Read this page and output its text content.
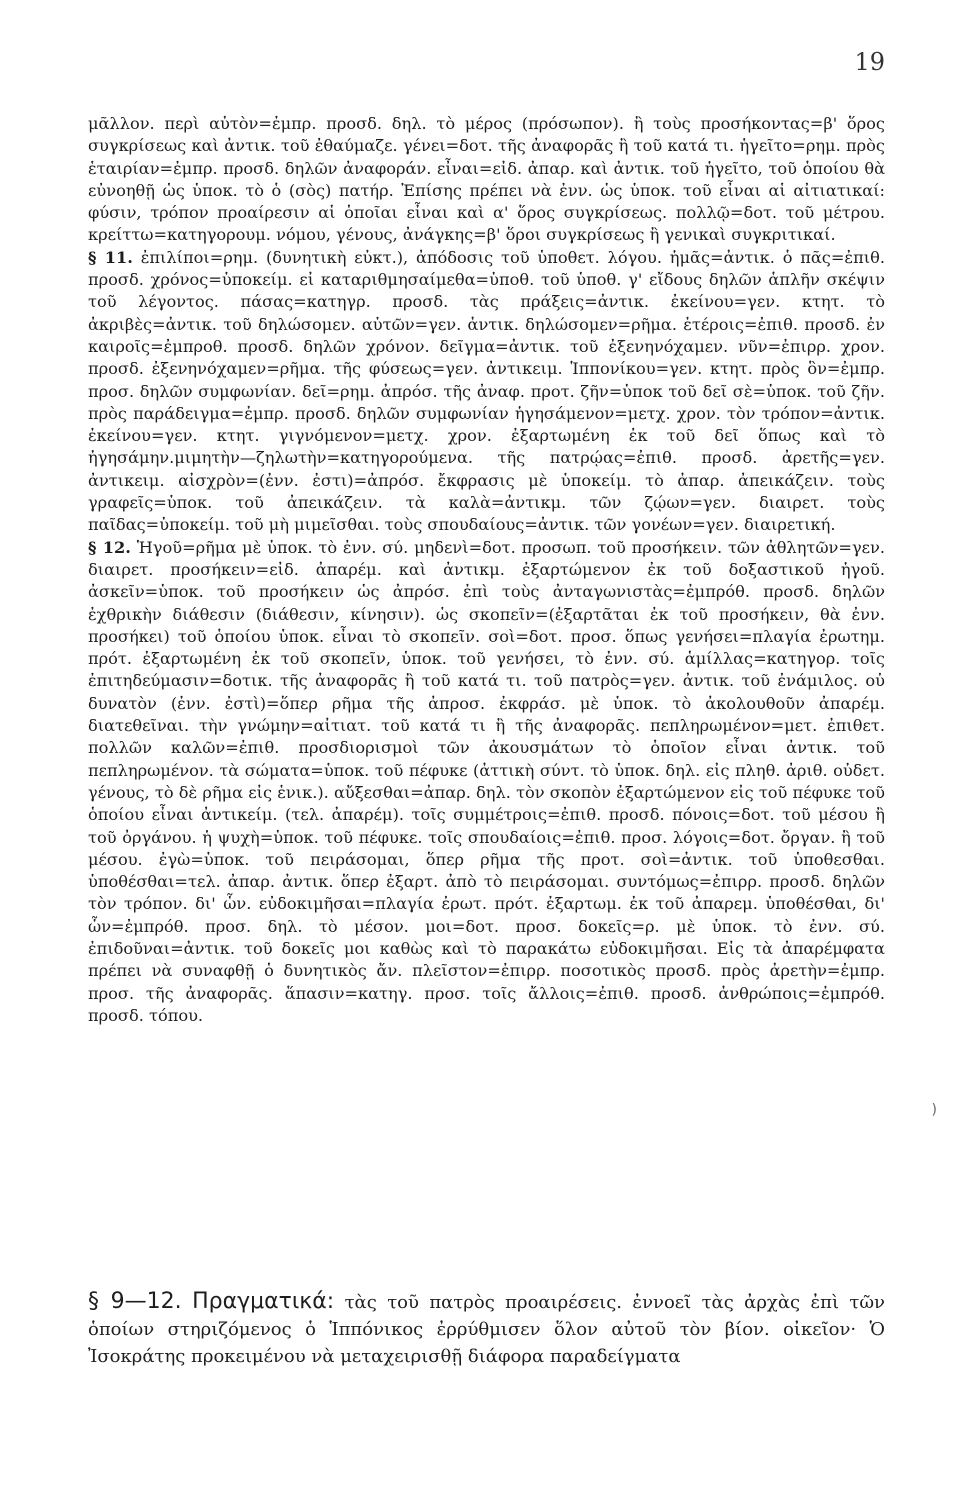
19

μᾶλλον. περὶ αὐτὸν=ἐμπρ. προσδ. δηλ. τὸ μέρος (πρόσωπον). ἢ τοὺς προσήκοντας=β' ὅρος συγκρίσεως καὶ ἀντικ. τοῦ ἐθαύμαζε. γένει=δοτ. τῆς ἀναφορᾶς ἢ τοῦ κατά τι. ἡγεῖτο=ρημ. πρὸς ἑταιρίαν=ἐμπρ. προσδ. δηλῶν ἀναφοράν. εἶναι=εἰδ. ἀπαρ. καὶ ἀντικ. τοῦ ἡγεῖτο, τοῦ ὁποίου θὰ εὐνοηθῇ ὡς ὑποκ. τὸ ὁ (σὸς) πατήρ. Ἐπίσης πρέπει νὰ ἐνν. ὡς ὑποκ. τοῦ εἶναι αἱ αἰτιατικαί: φύσιν, τρόπον προαίρεσιν αἱ ὁποῖαι εἶναι καὶ α' ὅρος συγκρίσεως. πολλῷ=δοτ. τοῦ μέτρου. κρείττω=κατηγορουμ. νόμου, γένους, ἀνάγκης=β' ὅροι συγκρίσεως ἢ γενικαὶ συγκριτικαί.

§ 11. ἐπιλίποι=ρημ. (δυνητικὴ εὐκτ.), ἀπόδοσις τοῦ ὑποθετ. λόγου. ἡμᾶς=ἀντικ. ὁ πᾶς=ἐπιθ. προσδ. χρόνος=ὑποκείμ. εἰ καταριθμησαίμεθα=ὑποθ. τοῦ ὑποθ. γ' εἴδους δηλῶν ἁπλῆν σκέψιν τοῦ λέγοντος. πάσας=κατηγρ. προσδ. τὰς πράξεις=ἀντικ. ἐκείνου=γεν. κτητ. τὸ ἀκριβὲς=ἀντικ. τοῦ δηλώσομεν. αὐτῶν=γεν. ἀντικ. δηλώσομεν=ρῆμα. ἑτέροις=ἐπιθ. προσδ. ἐν καιροῖς=ἐμπροθ. προσδ. δηλῶν χρόνον. δεῖγμα=ἀντικ. τοῦ ἐξενηνόχαμεν. νῦν=ἐπιρρ. χρον. προσδ. ἐξενηνόχαμεν=ρῆμα. τῆς φύσεως=γεν. ἀντικειμ. Ἱππονίκου=γεν. κτητ. πρὸς ὃν=ἐμπρ. προσ. δηλῶν συμφωνίαν. δεῖ=ρημ. ἀπρόσ. τῆς ἀναφ. προτ. ζῆν=ὑποκ τοῦ δεῖ σὲ=ὑποκ. τοῦ ζῆν. πρὸς παράδειγμα=ἐμπρ. προσδ. δηλῶν συμφωνίαν ἡγησάμενον=μετχ. χρον. τὸν τρόπον=ἀντικ. ἐκείνου=γεν. κτητ. γιγνόμενον=μετχ. χρον. ἐξαρτωμένη ἐκ τοῦ δεῖ ὅπως καὶ τὸ ἡγησάμην.μιμητὴν—ζηλωτὴν=κατηγορούμενα. τῆς πατρῴας=ἐπιθ. προσδ. ἀρετῆς=γεν. ἀντικειμ. αἰσχρὸν=(ἐνν. ἐστι)=ἀπρόσ. ἔκφρασις μὲ ὑποκείμ. τὸ ἀπαρ. ἀπεικάζειν. τοὺς γραφεῖς=ὑποκ. τοῦ ἀπεικάζειν. τὰ καλὰ=ἀντικμ. τῶν ζῴων=γεν. διαιρετ. τοὺς παῖδας=ὑποκείμ. τοῦ μὴ μιμεῖσθαι. τοὺς σπουδαίους=ἀντικ. τῶν γονέων=γεν. διαιρετική.

§ 12. Ἡγοῦ=ρῆμα μὲ ὑποκ. τὸ ἐνν. σύ. μηδενὶ=δοτ. προσωπ. τοῦ προσήκειν. τῶν ἀθλητῶν=γεν. διαιρετ. προσήκειν=εἰδ. ἀπαρέμ. καὶ ἀντικμ. ἐξαρτώμενον ἐκ τοῦ δοξαστικοῦ ἡγοῦ. ἀσκεῖν=ὑποκ. τοῦ προσήκειν ὡς ἀπρόσ. ἐπὶ τοὺς ἀνταγωνιστὰς=ἐμπρόθ. προσδ. δηλῶν ἐχθρικὴν διάθεσιν (διάθεσιν, κίνησιν). ὡς σκοπεῖν=(ἐξαρτᾶται ἐκ τοῦ προσήκειν, θὰ ἐνν. προσήκει) τοῦ ὁποίου ὑποκ. εἶναι τὸ σκοπεῖν. σοὶ=δοτ. προσ. ὅπως γενήσει=πλαγία ἐρωτημ. πρότ. ἐξαρτωμένη ἐκ τοῦ σκοπεῖν, ὑποκ. τοῦ γενήσει, τὸ ἐνν. σύ. ἁμίλλας=κατηγορ. τοῖς ἐπιτηδεύμασιν=δοτικ. τῆς ἀναφορᾶς ἢ τοῦ κατά τι. τοῦ πατρὸς=γεν. ἀντικ. τοῦ ἐνάμιλος. οὐ δυνατὸν (ἐνν. ἐστὶ)=ὅπερ ρῆμα τῆς ἀπροσ. ἐκφράσ. μὲ ὑποκ. τὸ ἀκολουθοῦν ἀπαρέμ. διατεθεῖναι. τὴν γνώμην=αἰτιατ. τοῦ κατά τι ἢ τῆς ἀναφορᾶς. πεπληρωμένον=μετ. ἐπιθετ. πολλῶν καλῶν=ἐπιθ. προσδιορισμοὶ τῶν ἀκουσμάτων τὸ ὁποῖον εἶναι ἀντικ. τοῦ πεπληρωμένον. τὰ σώματα=ὑποκ. τοῦ πέφυκε (ἀττικὴ σύντ. τὸ ὑποκ. δηλ. εἰς πληθ. ἀριθ. οὐδετ. γένους, τὸ δὲ ρῆμα εἰς ἑνικ.). αὔξεσθαι=ἀπαρ. δηλ. τὸν σκοπὸν ἐξαρτώμενον εἰς τοῦ πέφυκε τοῦ ὁποίου εἶναι ἀντικείμ. (τελ. ἀπαρέμ). τοῖς συμμέτροις=ἐπιθ. προσδ. πόνοις=δοτ. τοῦ μέσου ἢ τοῦ ὀργάνου. ἡ ψυχὴ=ὑποκ. τοῦ πέφυκε. τοῖς σπουδαίοις=ἐπιθ. προσ. λόγοις=δοτ. ὄργαν. ἢ τοῦ μέσου. ἐγὼ=ὑποκ. τοῦ πειράσομαι, ὅπερ ρῆμα τῆς προτ. σοὶ=ἀντικ. τοῦ ὑποθεσθαι. ὑποθέσθαι=τελ. ἀπαρ. ἀντικ. ὅπερ ἐξαρτ. ἀπὸ τὸ πειράσομαι. συντόμως=ἐπιρρ. προσδ. δηλῶν τὸν τρόπον. δι' ὧν. εὐδοκιμῆσαι=πλαγία ἐρωτ. πρότ. ἐξαρτωμ. ἐκ τοῦ ἀπαρεμ. ὑποθέσθαι, δι' ὧν=ἐμπρόθ. προσ. δηλ. τὸ μέσον. μοι=δοτ. προσ. δοκεῖς=ρ. μὲ ὑποκ. τὸ ἐνν. σύ. ἐπιδοῦναι=ἀντικ. τοῦ δοκεῖς μοι καθὼς καὶ τὸ παρακάτω εὐδοκιμῆσαι. Εἰς τὰ ἀπαρέμφατα πρέπει νὰ συναφθῇ ὁ δυνητικὸς ἄν. πλεῖστον=ἐπιρρ. ποσοτικὸς προσδ. πρὸς ἀρετὴν=ἐμπρ. προσ. τῆς ἀναφορᾶς. ἅπασιν=κατηγ. προσ. τοῖς ἄλλοις=ἐπιθ. προσδ. ἀνθρώποις=ἐμπρόθ. προσδ. τόπου.

§ 9—12. Πραγματικά: τὰς τοῦ πατρὸς προαιρέσεις. ἐννοεῖ τὰς ἀρχὰς ἐπὶ τῶν ὁποίων στηριζόμενος ὁ Ἱππόνικος ἐρρύθμισεν ὅλον αὐτοῦ τὸν βίον. οἰκεῖον· Ὁ Ἰσοκράτης προκειμένου νὰ μεταχειρισθῇ διάφορα παραδείγματα
)
